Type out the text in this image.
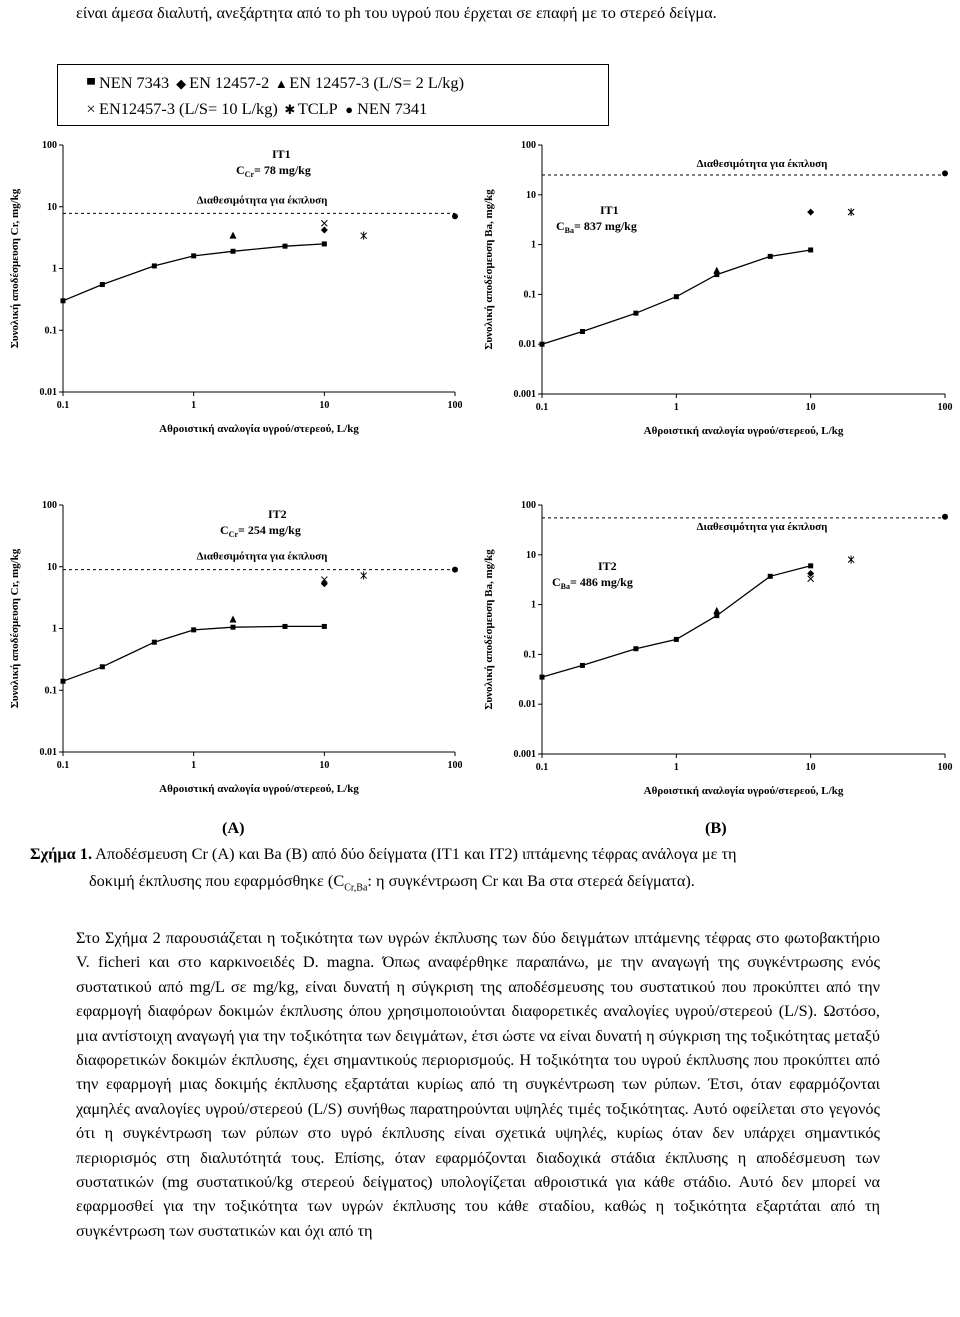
είναι άμεσα διαλυτή, ανεξάρτητα από το ph του υγρού που έρχεται σε επαφή με το στερεό δείγμα.

▀ NEN 7343 ◆ EN 12457-2 ▲EN 12457-3 (L/S= 2 L/kg)
× EN12457-3 (L/S= 10 L/kg) ✱ TCLP ● NEN 7341
0.1	1	10	100
0.01
0.1
1
10
100
Αθροιστική αναλογία υγρού/στερεού, L/kg
Συνολική αποδέσμευση Cr, mg/kg	Διαθεσιμότητα για έκπλυση
IT1
$C_{Cr}= 78$ mg/kg
0.1	1	10	100
0.001
0.01
0.1
1
10
100
Αθροιστική αναλογία υγρού/στερεού, L/kg
Συνολική αποδέσμευση Ba, mg/kg
Διαθεσιμότητα για έκπλυση
IT1
$C_{Ba}= 837$ mg/kg
0.1	1	10	100
0.01
0.1
1
10
100
Αθροιστική αναλογία υγρού/στερεού, L/kg
Συνολική αποδέσμευση Cr, mg/kg	Διαθεσιμότητα για έκπλυση
IT2
$C_{Cr}= 254$ mg/kg
0.1	1	10	100
0.001
0.01
0.1
1
10
100
Αθροιστική αναλογία υγρού/στερεού, L/kg
Συνολική αποδέσμευση Ba, mg/kg
Διαθεσιμότητα για έκπλυση
IT2
$C_{Ba}= 486$ mg/kg
(A)	(B)
Σχήμα 1. Αποδέσμευση Cr (A) και Ba (B) από δύο δείγματα (IT1 και IT2) ιπτάμενης τέφρας ανάλογα με τη
δοκιμή έκπλυσης που εφαρμόσθηκε ($C_{Cr,Ba}$: η συγκέντρωση Cr και Ba στα στερεά δείγματα).

Στο Σχήμα 2 παρουσιάζεται η τοξικότητα των υγρών έκπλυσης των δύο δειγμάτων ιπτάμενης τέφρας στο φωτοβακτήριο V. ficheri και στο καρκινοειδές D. magna. Όπως αναφέρθηκε παραπάνω, με την αναγωγή της συγκέντρωσης ενός συστατικού από mg/L σε mg/kg, είναι δυνατή η σύγκριση της αποδέσμευσης του συστατικού που προκύπτει από την εφαρμογή διαφόρων δοκιμών έκπλυσης όπου χρησιμοποιούνται διαφορετικές αναλογίες υγρού/στερεού (L/S). Ωστόσο, μια αντίστοιχη αναγωγή για την τοξικότητα των δειγμάτων, έτσι ώστε να είναι δυνατή η σύγκριση της τοξικότητας μεταξύ διαφορετικών δοκιμών έκπλυσης, έχει σημαντικούς περιορισμούς. Η τοξικότητα του υγρού έκπλυσης που προκύπτει από την εφαρμογή μιας δοκιμής έκπλυσης εξαρτάται κυρίως από τη συγκέντρωση των ρύπων. Έτσι, όταν εφαρμόζονται χαμηλές αναλογίες υγρού/στερεού (L/S) συνήθως παρατηρούνται υψηλές τιμές τοξικότητας. Αυτό οφείλεται στο γεγονός ότι η συγκέντρωση των ρύπων στο υγρό έκπλυσης είναι σχετικά υψηλές, κυρίως όταν δεν υπάρχει σημαντικός περιορισμός στη διαλυτότητά τους. Επίσης, όταν εφαρμόζονται διαδοχικά στάδια έκπλυσης η αποδέσμευση των συστατικών (mg συστατικού/kg στερεού δείγματος) υπολογίζεται αθροιστικά για κάθε στάδιο. Αυτό δεν μπορεί να εφαρμοσθεί για την τοξικότητα των υγρών έκπλυσης του κάθε σταδίου, καθώς η τοξικότητα εξαρτάται από τη συγκέντρωση των συστατικών και όχι από τη
